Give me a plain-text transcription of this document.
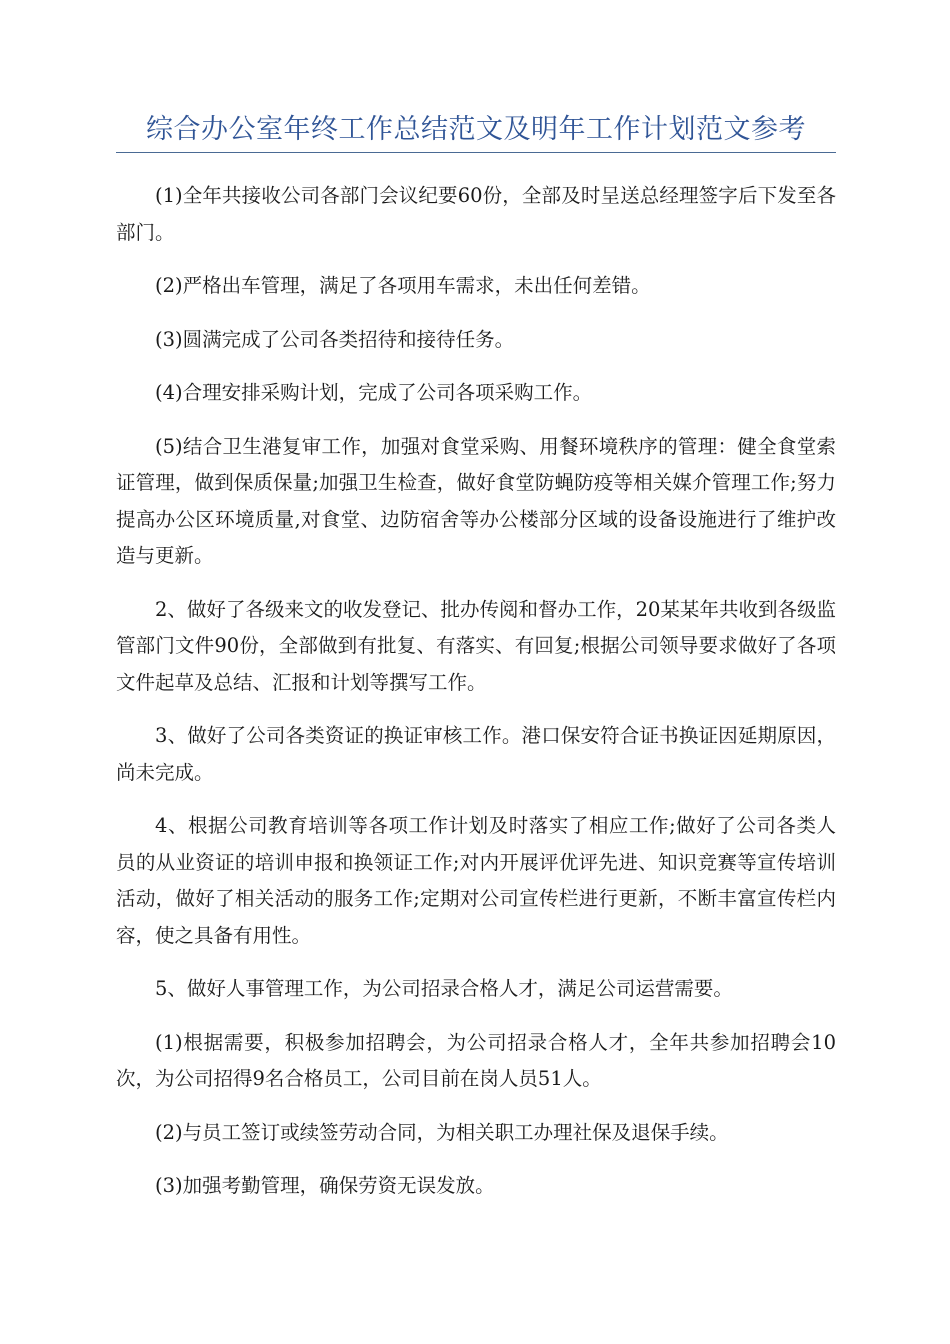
综合办公室年终工作总结范文及明年工作计划范文参考

(1)全年共接收公司各部门会议纪要60份，全部及时呈送总经理签字后下发至各部门。

(2)严格出车管理，满足了各项用车需求，未出任何差错。

(3)圆满完成了公司各类招待和接待任务。

(4)合理安排采购计划，完成了公司各项采购工作。

(5)结合卫生港复审工作，加强对食堂采购、用餐环境秩序的管理：健全食堂索证管理，做到保质保量;加强卫生检查，做好食堂防蝇防疫等相关媒介管理工作;努力提高办公区环境质量,对食堂、边防宿舍等办公楼部分区域的设备设施进行了维护改造与更新。

2、做好了各级来文的收发登记、批办传阅和督办工作，20某某年共收到各级监管部门文件90份，全部做到有批复、有落实、有回复;根据公司领导要求做好了各项文件起草及总结、汇报和计划等撰写工作。

3、做好了公司各类资证的换证审核工作。港口保安符合证书换证因延期原因，尚未完成。

4、根据公司教育培训等各项工作计划及时落实了相应工作;做好了公司各类人员的从业资证的培训申报和换领证工作;对内开展评优评先进、知识竞赛等宣传培训活动，做好了相关活动的服务工作;定期对公司宣传栏进行更新，不断丰富宣传栏内容，使之具备有用性。

5、做好人事管理工作，为公司招录合格人才，满足公司运营需要。

(1)根据需要，积极参加招聘会，为公司招录合格人才，全年共参加招聘会10次，为公司招得9名合格员工，公司目前在岗人员51人。

(2)与员工签订或续签劳动合同，为相关职工办理社保及退保手续。

(3)加强考勤管理，确保劳资无误发放。
